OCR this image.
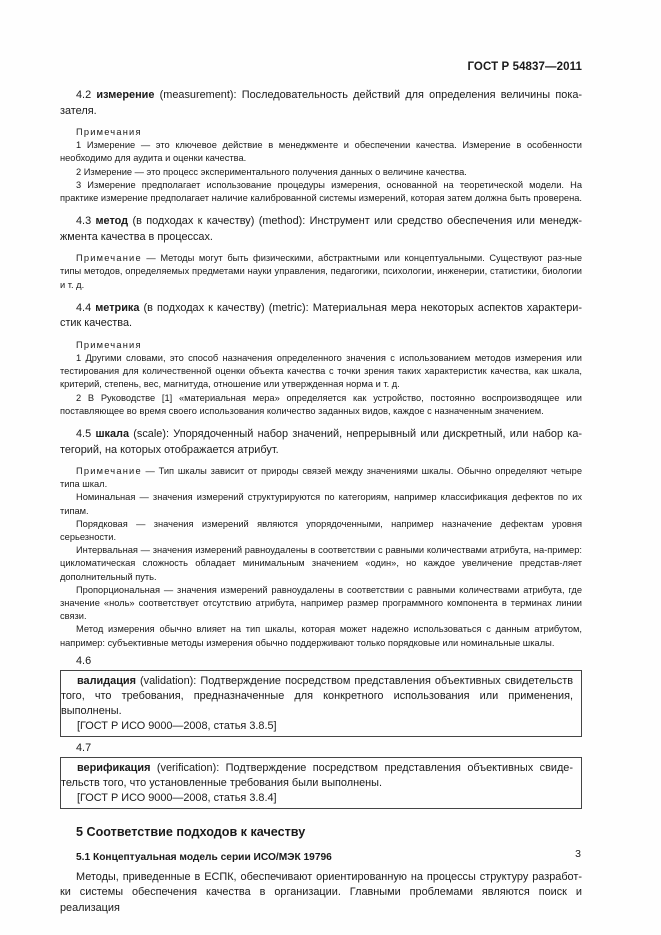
ГОСТ Р 54837—2011

4.2 измерение (measurement): Последовательность действий для определения величины пока-зателя.

Примечания

1 Измерение — это ключевое действие в менеджменте и обеспечении качества. Измерение в особенности необходимо для аудита и оценки качества.

2 Измерение — это процесс экспериментального получения данных о величине качества.

3 Измерение предполагает использование процедуры измерения, основанной на теоретической модели. На практике измерение предполагает наличие калиброванной системы измерений, которая затем должна быть проверена.

4.3 метод (в подходах к качеству) (method): Инструмент или средство обеспечения или менедж-жмента качества в процессах.

Примечание — Методы могут быть физическими, абстрактными или концептуальными. Существуют раз-ные типы методов, определяемых предметами науки управления, педагогики, психологии, инженерии, статистики, биологии и т. д.

4.4 метрика (в подходах к качеству) (metric): Материальная мера некоторых аспектов характери-стик качества.

Примечания

1 Другими словами, это способ назначения определенного значения с использованием методов измерения или тестирования для количественной оценки объекта качества с точки зрения таких характеристик качества, как шкала, критерий, степень, вес, магнитуда, отношение или утвержденная норма и т. д.

2 В Руководстве [1] «материальная мера» определяется как устройство, постоянно воспроизводящее или поставляющее во время своего использования количество заданных видов, каждое с назначенным значением.

4.5 шкала (scale): Упорядоченный набор значений, непрерывный или дискретный, или набор ка-тегорий, на которых отображается атрибут.

Примечание — Тип шкалы зависит от природы связей между значениями шкалы. Обычно определяют четыре типа шкал.

Номинальная — значения измерений структурируются по категориям, например классификация дефектов по их типам.

Порядковая — значения измерений являются упорядоченными, например назначение дефектам уровня серьезности.

Интервальная — значения измерений равноудалены в соответствии с равными количествами атрибута, на-пример: цикломатическая сложность обладает минимальным значением «один», но каждое увеличение представ-ляет дополнительный путь.

Пропорциональная — значения измерений равноудалены в соответствии с равными количествами атрибута, где значение «ноль» соответствует отсутствию атрибута, например размер программного компонента в терминах линии связи.

Метод измерения обычно влияет на тип шкалы, которая может надежно использоваться с данным атрибутом, например: субъективные методы измерения обычно поддерживают только порядковые или номинальные шкалы.

4.6

валидация (validation): Подтверждение посредством представления объективных свидетельств того, что требования, предназначенные для конкретного использования или применения, выполнены.

[ГОСТ Р ИСО 9000—2008, статья 3.8.5]

4.7

верификация (verification): Подтверждение посредством представления объективных свиде-тельств того, что установленные требования были выполнены.

[ГОСТ Р ИСО 9000—2008, статья 3.8.4]

5 Соответствие подходов к качеству
5.1 Концептуальная модель серии ИСО/МЭК 19796

Методы, приведенные в ЕСПК, обеспечивают ориентированную на процессы структуру разработ-ки системы обеспечения качества в организации. Главными проблемами являются поиск и реализация

3
